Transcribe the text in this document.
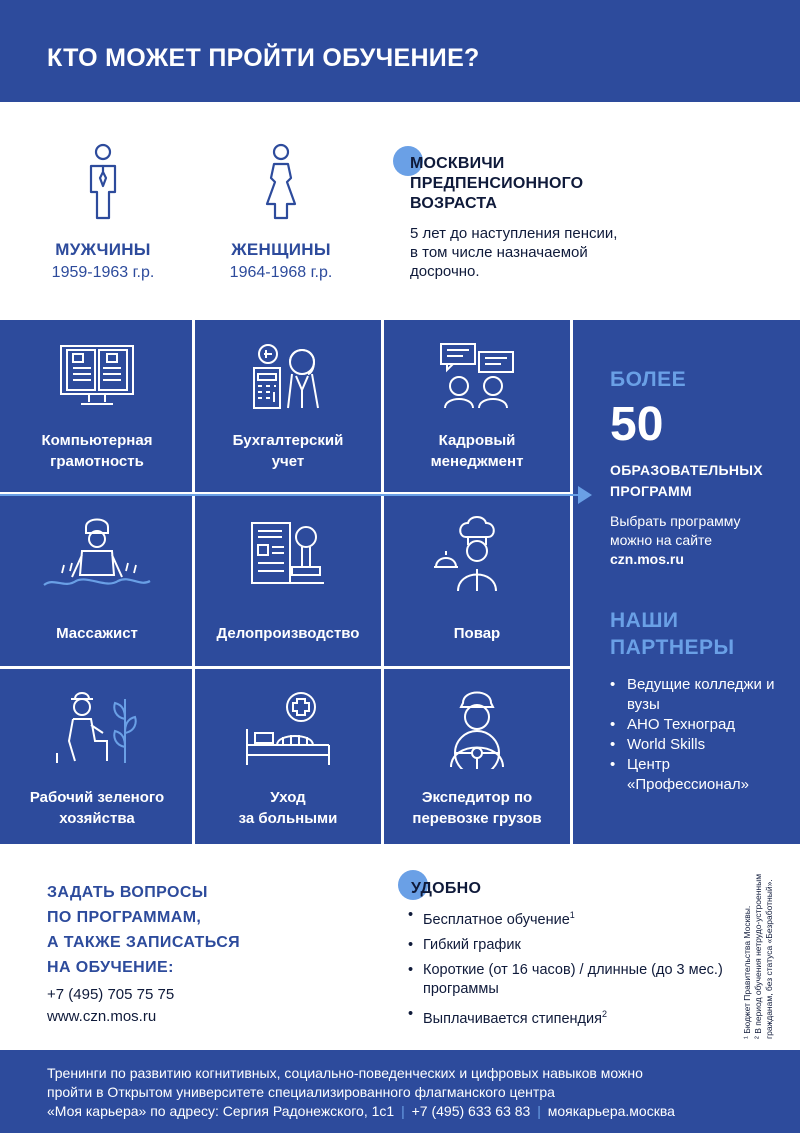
КТО МОЖЕТ ПРОЙТИ ОБУЧЕНИЕ?
МУЖЧИНЫ
1959-1963 г.р.
ЖЕНЩИНЫ
1964-1968 г.р.
МОСКВИЧИ
ПРЕДПЕНСИОННОГО
ВОЗРАСТА
5 лет до наступления пенсии,
в том числе назначаемой
досрочно.
Компьютерная
грамотность
Бухгалтерский
учет
Кадровый
менеджмент
Массажист	Делопроизводство	Повар
Рабочий зеленого
хозяйства
Уход
за больными
Экспедитор по
перевозке грузов
БОЛЕЕ
50
ОБРАЗОВАТЕЛЬНЫХ
ПРОГРАММ
Выбрать программу
можно на сайте
czn.mos.ru
НАШИ
ПАРТНЕРЫ
• Ведущие колледжи и вузы
• АНО Техноград
• World Skills
• Центр «Профессионал»
ЗАДАТЬ ВОПРОСЫ
ПО ПРОГРАММАМ,
А ТАКЖЕ ЗАПИСАТЬСЯ
НА ОБУЧЕНИЕ:
+7 (495) 705 75 75
www.czn.mos.ru
УДОБНО
• Бесплатное обучение$^1$
• Гибкий график
• Короткие (от 16 часов) / длинные (до 3 мес.) программы
• Выплачивается стипендия$^2$	¹ Бюджет Правительства Москвы. ² В период обучения нетрудо-устроенным гражданам, без статуса «Безработный».
Тренинги по развитию когнитивных, социально-поведенческих и цифровых навыков можно
пройти в Открытом университете специализированного флагманского центра
«Моя карьера» по адресу: Сергия Радонежского, 1с1 | +7 (495) 633 63 83 | моякарьера.москва
